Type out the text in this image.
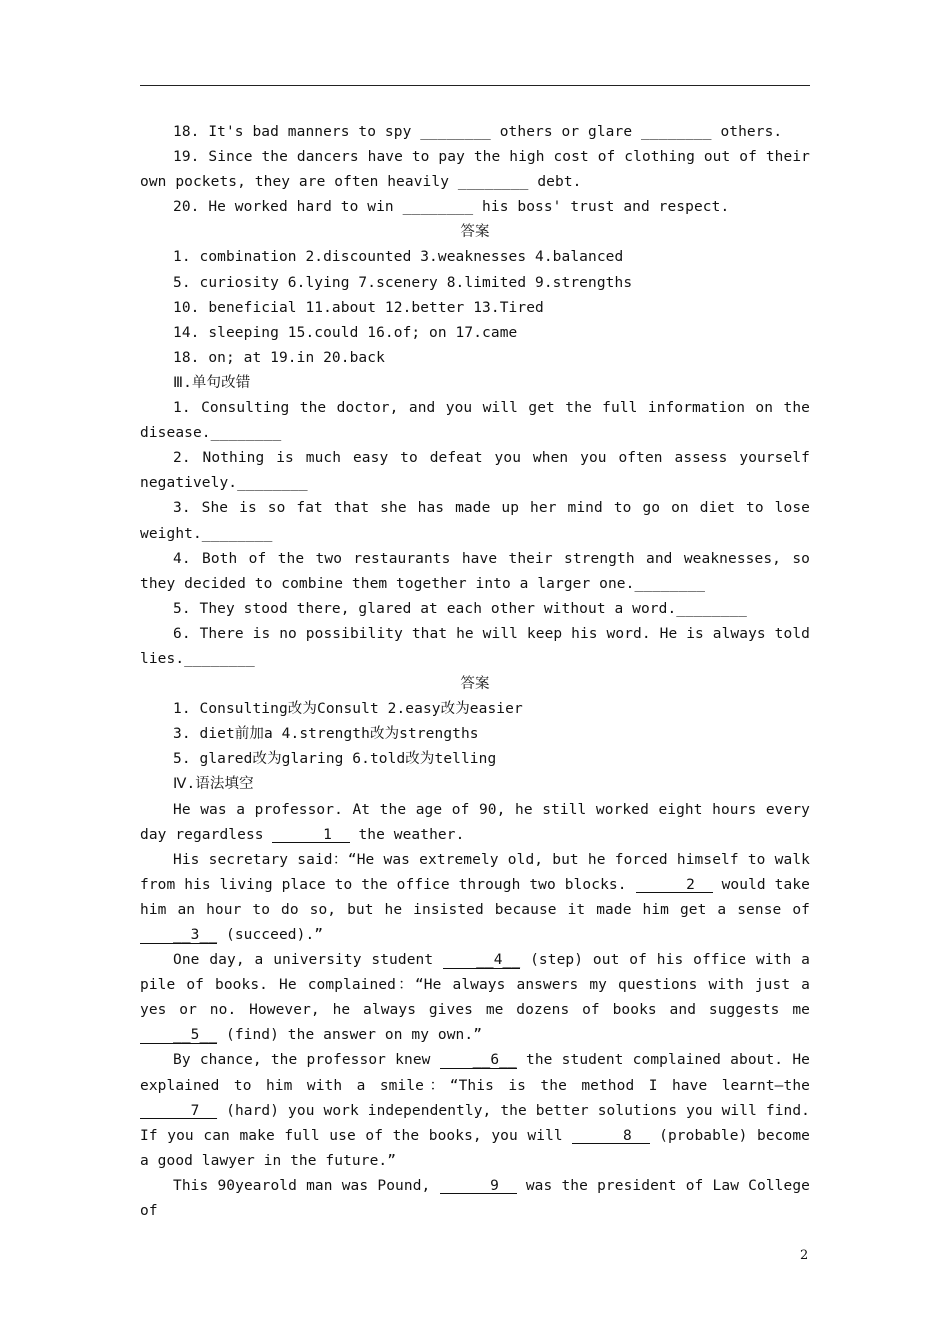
18. It's bad manners to spy ________ others or glare ________ others.

19. Since the dancers have to pay the high cost of clothing out of their own pockets, they are often heavily ________ debt.

20. He worked hard to win ________ his boss' trust and respect.

答案

1. combination 2.discounted 3.weaknesses 4.balanced

5. curiosity 6.lying 7.scenery 8.limited 9.strengths

10. beneficial 11.about 12.better 13.Tired

14. sleeping 15.could 16.of; on 17.came

18. on; at 19.in 20.back

Ⅲ.单句改错

1. Consulting the doctor, and you will get the full information on the disease.________

2. Nothing is much easy to defeat you when you often assess yourself negatively.________

3. She is so fat that she has made up her mind to go on diet to lose weight.________

4. Both of the two restaurants have their strength and weaknesses, so they decided to combine them together into a larger one.________

5. They stood there, glared at each other without a word.________

6. There is no possibility that he will keep his word. He is always told lies.________

答案

1. Consulting改为Consult 2.easy改为easier

3. diet前加a 4.strength改为strengths

5. glared改为glaring 6.told改为telling

Ⅳ.语法填空

He was a professor. At the age of 90, he still worked eight hours every day regardless __1__ the weather.

His secretary said：“He was extremely old, but he forced himself to walk from his living place to the office through two blocks. __2__ would take him an hour to do so, but he insisted because it made him get a sense of __3__ (succeed).”

One day, a university student __4__ (step) out of his office with a pile of books. He complained：“He always answers my questions with just a yes or no. However, he always gives me dozens of books and suggests me __5__ (find) the answer on my own.”

By chance, the professor knew __6__ the student complained about. He explained to him with a smile：“This is the method I have learnt—the __7__ (hard) you work independently, the better solutions you will find. If you can make full use of the books, you will __8__ (probable) become a good lawyer in the future.”

This 90yearold man was Pound, __9__ was the president of Law College of

2
